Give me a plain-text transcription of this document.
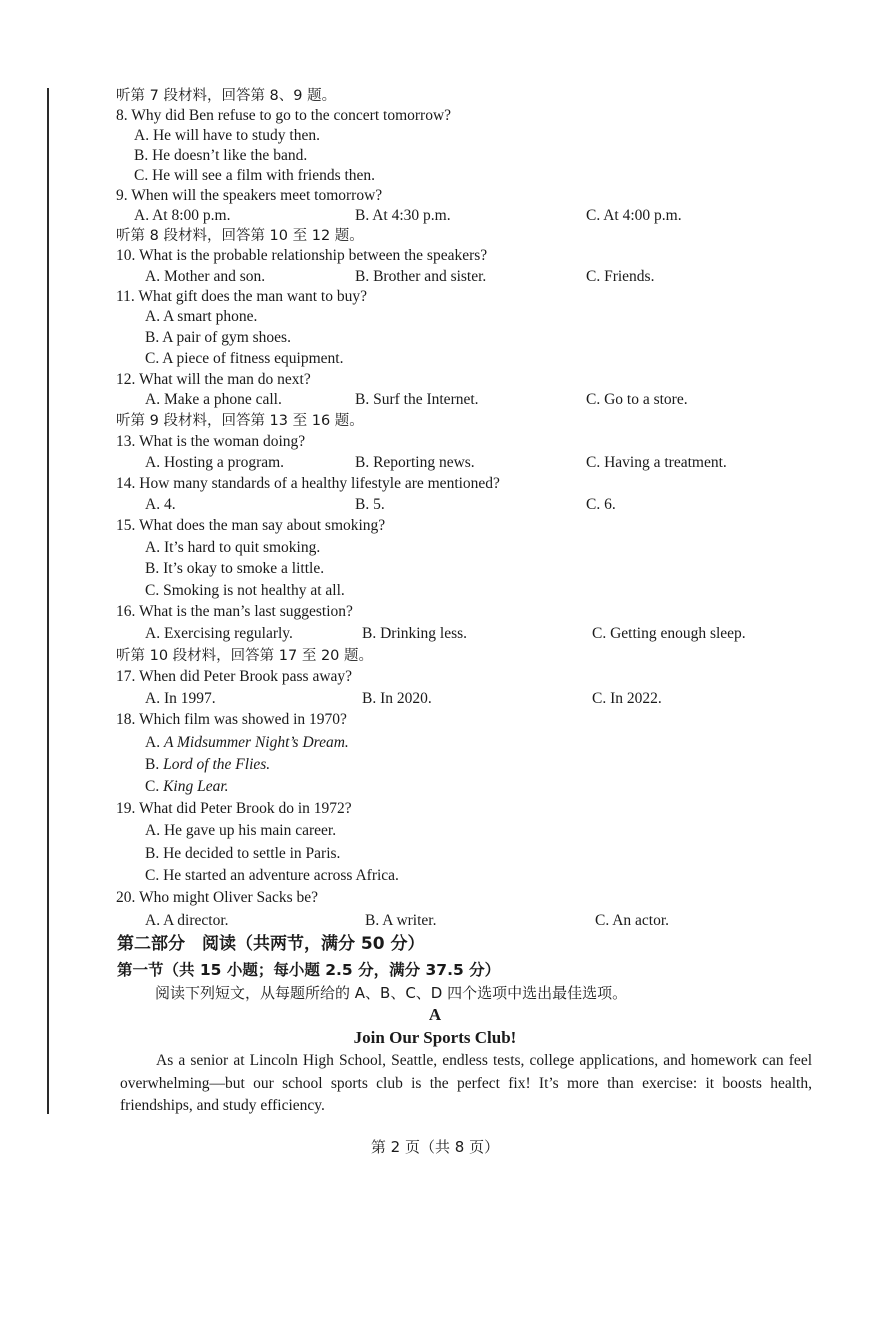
听第 7 段材料，回答第 8、9 题。
8. Why did Ben refuse to go to the concert tomorrow?
A. He will have to study then.
B. He doesn’t like the band.
C. He will see a film with friends then.
9. When will the speakers meet tomorrow?
A. At 8:00 p.m.	B. At 4:30 p.m.	C. At 4:00 p.m.
听第 8 段材料，回答第 10 至 12 题。
10. What is the probable relationship between the speakers?
A. Mother and son.	B. Brother and sister.	C. Friends.
11. What gift does the man want to buy?
A. A smart phone.
B. A pair of gym shoes.
C. A piece of fitness equipment.
12. What will the man do next?
A. Make a phone call.	B. Surf the Internet.	C. Go to a store.
听第 9 段材料，回答第 13 至 16 题。
13. What is the woman doing?
A. Hosting a program.	B. Reporting news.	C. Having a treatment.
14. How many standards of a healthy lifestyle are mentioned?
A. 4.	B. 5.	C. 6.
15. What does the man say about smoking?
A. It’s hard to quit smoking.
B. It’s okay to smoke a little.
C. Smoking is not healthy at all.
16. What is the man’s last suggestion?
A. Exercising regularly.	B. Drinking less.	C. Getting enough sleep.
听第 10 段材料，回答第 17 至 20 题。
17. When did Peter Brook pass away?
A. In 1997.	B. In 2020.	C. In 2022.
18. Which film was showed in 1970?
A. A Midsummer Night’s Dream.
B. Lord of the Flies.
C. King Lear.
19. What did Peter Brook do in 1972?
A. He gave up his main career.
B. He decided to settle in Paris.
C. He started an adventure across Africa.
20. Who might Oliver Sacks be?
A. A director.	B. A writer.	C. An actor.
第二部分　阅读（共两节，满分 50 分）
第一节（共 15 小题；每小题 2.5 分，满分 37.5 分）
阅读下列短文，从每题所给的 A、B、C、D 四个选项中选出最佳选项。
A
Join Our Sports Club!
As a senior at Lincoln High School, Seattle, endless tests, college applications, and homework can feel overwhelming—but our school sports club is the perfect fix! It’s more than exercise: it boosts health, friendships, and study efficiency.
第 2 页（共 8 页）
